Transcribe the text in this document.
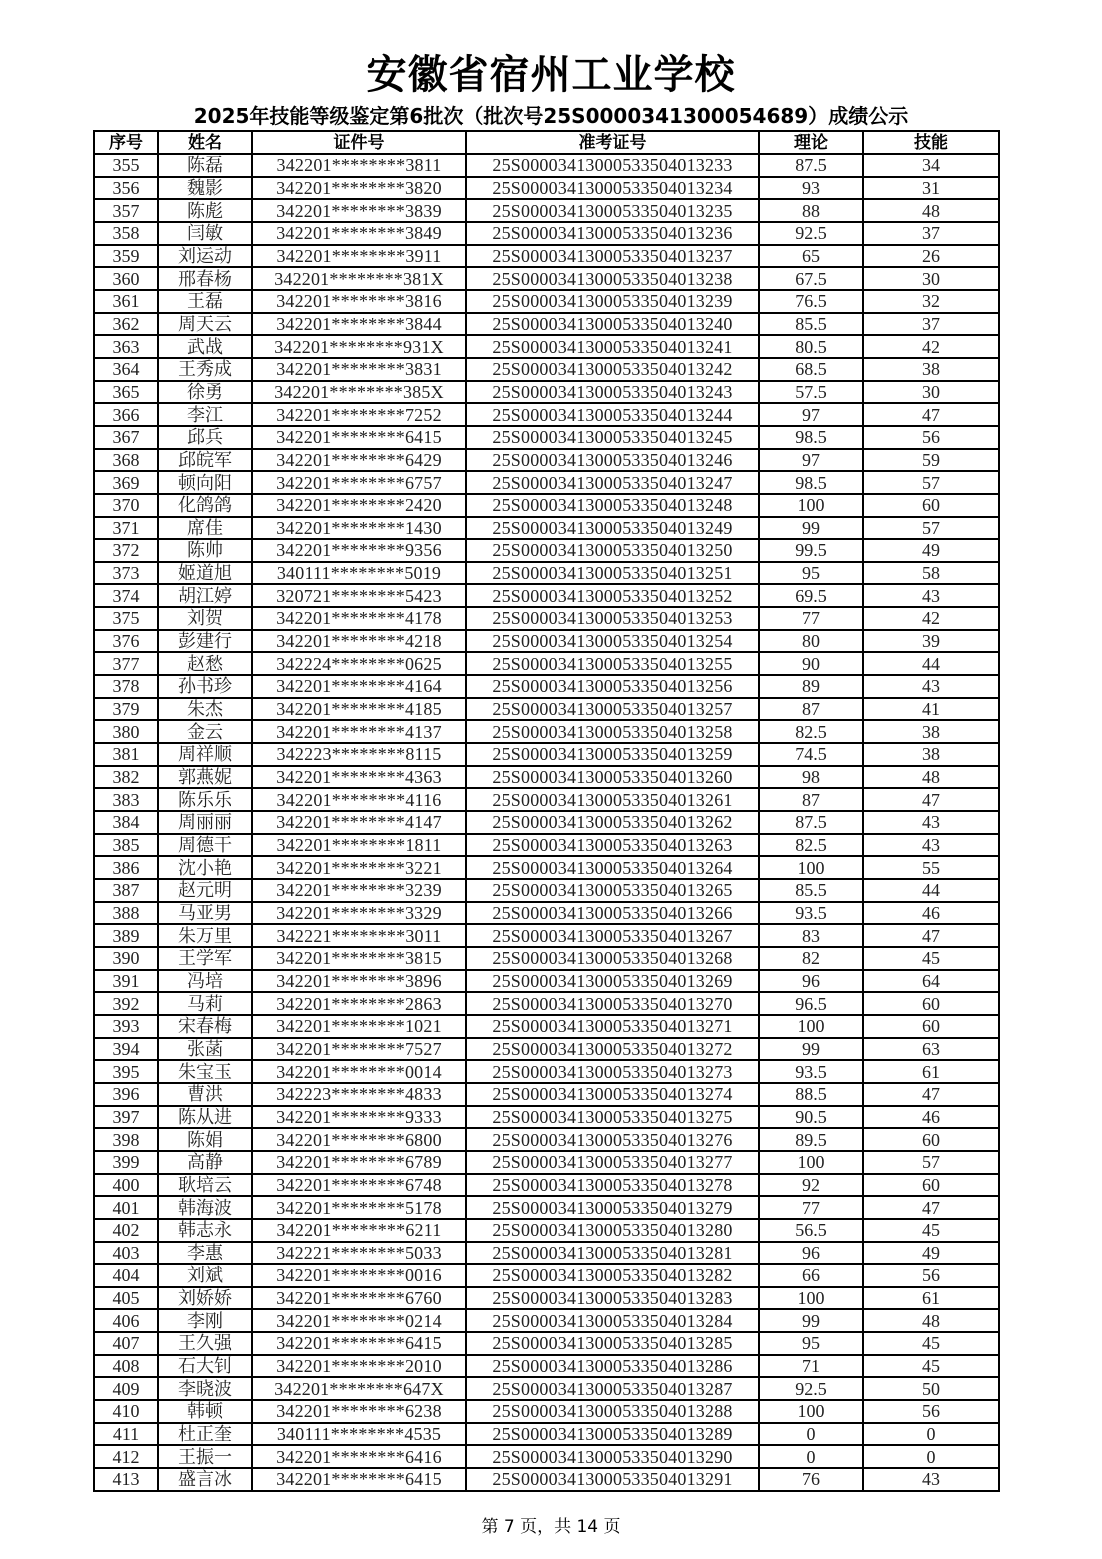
安徽省宿州工业学校
2025年技能等级鉴定第6批次（批次号25S0000341300054689）成绩公示
序号	姓名	证件号	准考证号	理论	技能
355	陈磊	342201********3811	25S00003413000533504013233	87.5	34
356	魏影	342201********3820	25S00003413000533504013234	93	31
357	陈彪	342201********3839	25S00003413000533504013235	88	48
358	闫敏	342201********3849	25S00003413000533504013236	92.5	37
359	刘运动	342201********3911	25S00003413000533504013237	65	26
360	邢春杨	342201********381X	25S00003413000533504013238	67.5	30
361	王磊	342201********3816	25S00003413000533504013239	76.5	32
362	周天云	342201********3844	25S00003413000533504013240	85.5	37
363	武战	342201********931X	25S00003413000533504013241	80.5	42
364	王秀成	342201********3831	25S00003413000533504013242	68.5	38
365	徐勇	342201********385X	25S00003413000533504013243	57.5	30
366	李江	342201********7252	25S00003413000533504013244	97	47
367	邱兵	342201********6415	25S00003413000533504013245	98.5	56
368	邱皖军	342201********6429	25S00003413000533504013246	97	59
369	顿向阳	342201********6757	25S00003413000533504013247	98.5	57
370	化鸽鸽	342201********2420	25S00003413000533504013248	100	60
371	席佳	342201********1430	25S00003413000533504013249	99	57
372	陈帅	342201********9356	25S00003413000533504013250	99.5	49
373	姬道旭	340111********5019	25S00003413000533504013251	95	58
374	胡江婷	320721********5423	25S00003413000533504013252	69.5	43
375	刘贺	342201********4178	25S00003413000533504013253	77	42
376	彭建行	342201********4218	25S00003413000533504013254	80	39
377	赵愁	342224********0625	25S00003413000533504013255	90	44
378	孙书珍	342201********4164	25S00003413000533504013256	89	43
379	朱杰	342201********4185	25S00003413000533504013257	87	41
380	金云	342201********4137	25S00003413000533504013258	82.5	38
381	周祥顺	342223********8115	25S00003413000533504013259	74.5	38
382	郭燕妮	342201********4363	25S00003413000533504013260	98	48
383	陈乐乐	342201********4116	25S00003413000533504013261	87	47
384	周丽丽	342201********4147	25S00003413000533504013262	87.5	43
385	周德干	342201********1811	25S00003413000533504013263	82.5	43
386	沈小艳	342201********3221	25S00003413000533504013264	100	55
387	赵元明	342201********3239	25S00003413000533504013265	85.5	44
388	马亚男	342201********3329	25S00003413000533504013266	93.5	46
389	朱万里	342221********3011	25S00003413000533504013267	83	47
390	王学军	342201********3815	25S00003413000533504013268	82	45
391	冯培	342201********3896	25S00003413000533504013269	96	64
392	马莉	342201********2863	25S00003413000533504013270	96.5	60
393	宋春梅	342201********1021	25S00003413000533504013271	100	60
394	张菡	342201********7527	25S00003413000533504013272	99	63
395	朱宝玉	342201********0014	25S00003413000533504013273	93.5	61
396	曹洪	342223********4833	25S00003413000533504013274	88.5	47
397	陈从进	342201********9333	25S00003413000533504013275	90.5	46
398	陈娟	342201********6800	25S00003413000533504013276	89.5	60
399	高静	342201********6789	25S00003413000533504013277	100	57
400	耿培云	342201********6748	25S00003413000533504013278	92	60
401	韩海波	342201********5178	25S00003413000533504013279	77	47
402	韩志永	342201********6211	25S00003413000533504013280	56.5	45
403	李惠	342221********5033	25S00003413000533504013281	96	49
404	刘斌	342201********0016	25S00003413000533504013282	66	56
405	刘娇娇	342201********6760	25S00003413000533504013283	100	61
406	李刚	342201********0214	25S00003413000533504013284	99	48
407	王久强	342201********6415	25S00003413000533504013285	95	45
408	石大钊	342201********2010	25S00003413000533504013286	71	45
409	李晓波	342201********647X	25S00003413000533504013287	92.5	50
410	韩顿	342201********6238	25S00003413000533504013288	100	56
411	杜正奎	340111********4535	25S00003413000533504013289	0	0
412	王振一	342201********6416	25S00003413000533504013290	0	0
413	盛言冰	342201********6415	25S00003413000533504013291	76	43
第 7 页，共 14 页
